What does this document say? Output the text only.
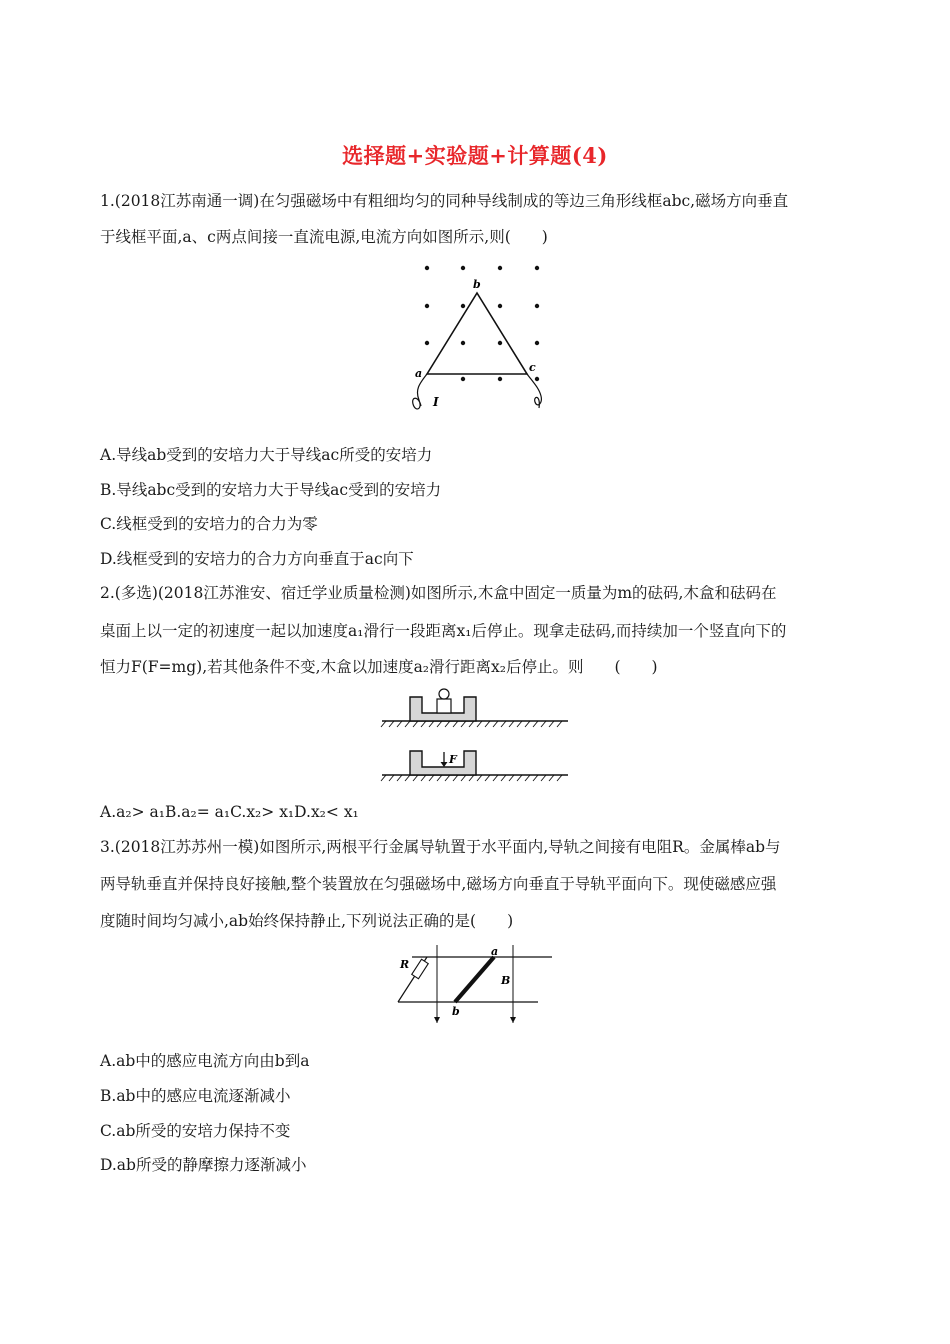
选择题+实验题+计算题(4)
1.(2018江苏南通一调)在匀强磁场中有粗细均匀的同种导线制成的等边三角形线框abc,磁场方向垂直
于线框平面,a、c两点间接一直流电源,电流方向如图所示,则(　　)
b
a	c
I
A.导线ab受到的安培力大于导线ac所受的安培力
B.导线abc受到的安培力大于导线ac受到的安培力
C.线框受到的安培力的合力为零
D.线框受到的安培力的合力方向垂直于ac向下
2.(多选)(2018江苏淮安、宿迁学业质量检测)如图所示,木盒中固定一质量为m的砝码,木盒和砝码在
桌面上以一定的初速度一起以加速度a₁滑行一段距离x₁后停止。现拿走砝码,而持续加一个竖直向下的
恒力F(F=mg),若其他条件不变,木盒以加速度a₂滑行距离x₂后停止。则　　(　　)
F
A.a₂> a₁B.a₂= a₁C.x₂> x₁D.x₂< x₁
3.(2018江苏苏州一模)如图所示,两根平行金属导轨置于水平面内,导轨之间接有电阻R。金属棒ab与
两导轨垂直并保持良好接触,整个装置放在匀强磁场中,磁场方向垂直于导轨平面向下。现使磁感应强
度随时间均匀减小,ab始终保持静止,下列说法正确的是(　　)
R
a
b
B
A.ab中的感应电流方向由b到a
B.ab中的感应电流逐渐减小
C.ab所受的安培力保持不变
D.ab所受的静摩擦力逐渐减小
